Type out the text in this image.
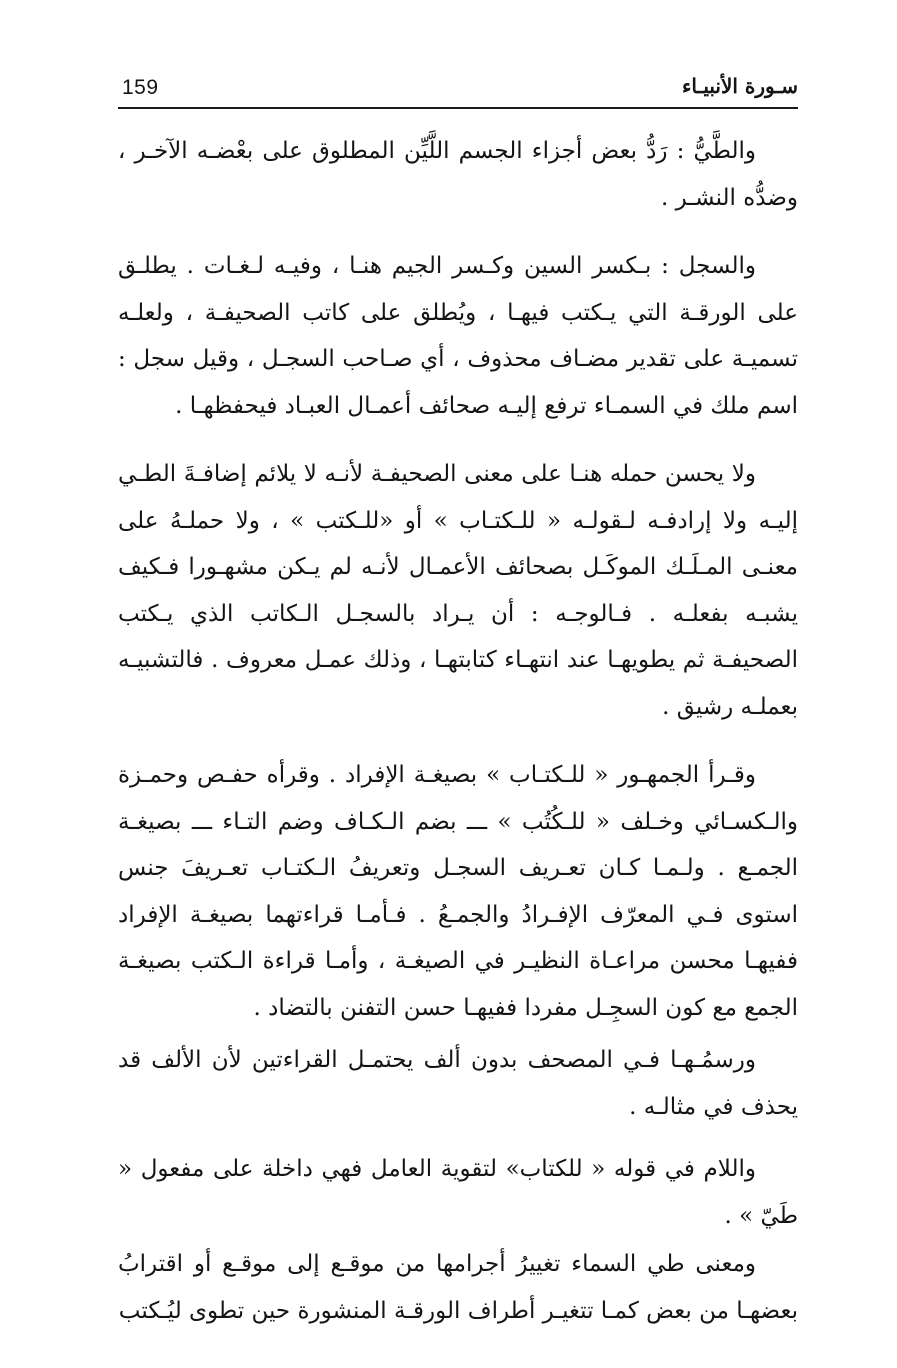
159	سـورة الأنبيـاء

والطَّيُّ : رَدُّ بعض أجزاء الجسم اللَّيِّن المطلوق على بعْضـه الآخـر ، وضدُّه النشـر .

والسجل : بـكسر السين وكـسر الجيم هنـا ، وفيـه لـغـات . يطلـق على الورقـة التي يـكتب فيهـا ، ويُطلق على كاتب الصحيفـة ، ولعلـه تسميـة على تقدير مضـاف محذوف ، أي صـاحب السجـل ، وقيل سجل : اسم ملك في السمـاء ترفع إليـه صحائف أعمـال العبـاد فيحفظهـا .

ولا يحسن حمله هنـا على معنى الصحيفـة لأنـه لا يلائم إضافـةَ الطـي إليـه ولا إرادفـه لـقولـه « للـكتـاب » أو «للـكتب » ، ولا حملـهُ على معنـى المـلَـك الموكَـل بصحائف الأعمـال لأنـه لم يـكن مشهـورا فـكيف يشبـه بفعلـه . فـالوجـه : أن يـراد بالسجـل الـكاتب الذي يـكتب الصحيفـة ثم يطويهـا عند انتهـاء كتابتهـا ، وذلك عمـل معروف . فالتشبيـه بعملـه رشيق .

وقـرأ الجمهـور « للـكتـاب » بصيغـة الإفراد . وقرأه حفـص وحمـزة والـكسـائي وخـلف « للـكُتُب » ـــ بضم الـكـاف وضم التـاء ـــ بصيغـة الجمـع . ولـمـا كـان تعـريف السجـل وتعريفُ الـكتـاب تعـريفَ جنس استوى فـي المعرّف الإفـرادُ والجمـعُ . فـأمـا قراءتهما بصيغـة الإفراد ففيهـا محسن مراعـاة النظيـر في الصيغـة ، وأمـا قراءة الـكتب بصيغـة الجمع مع كون السجِـل مفردا ففيهـا حسن التفنن بالتضاد .

ورسمُـهـا فـي المصحف بدون ألف يحتمـل القراءتين لأن الألف قد يحذف في مثالـه .

واللام في قوله « للكتاب» لتقوية العامل فهي داخلة على مفعول « طَيّ » .

ومعنى طي السماء تغييرُ أجرامها من موقـع إلى موقـع أو اقترابُ بعضهـا من بعض كمـا تتغيـر أطراف الورقـة المنشورة حين تطوى ليُـكتب
